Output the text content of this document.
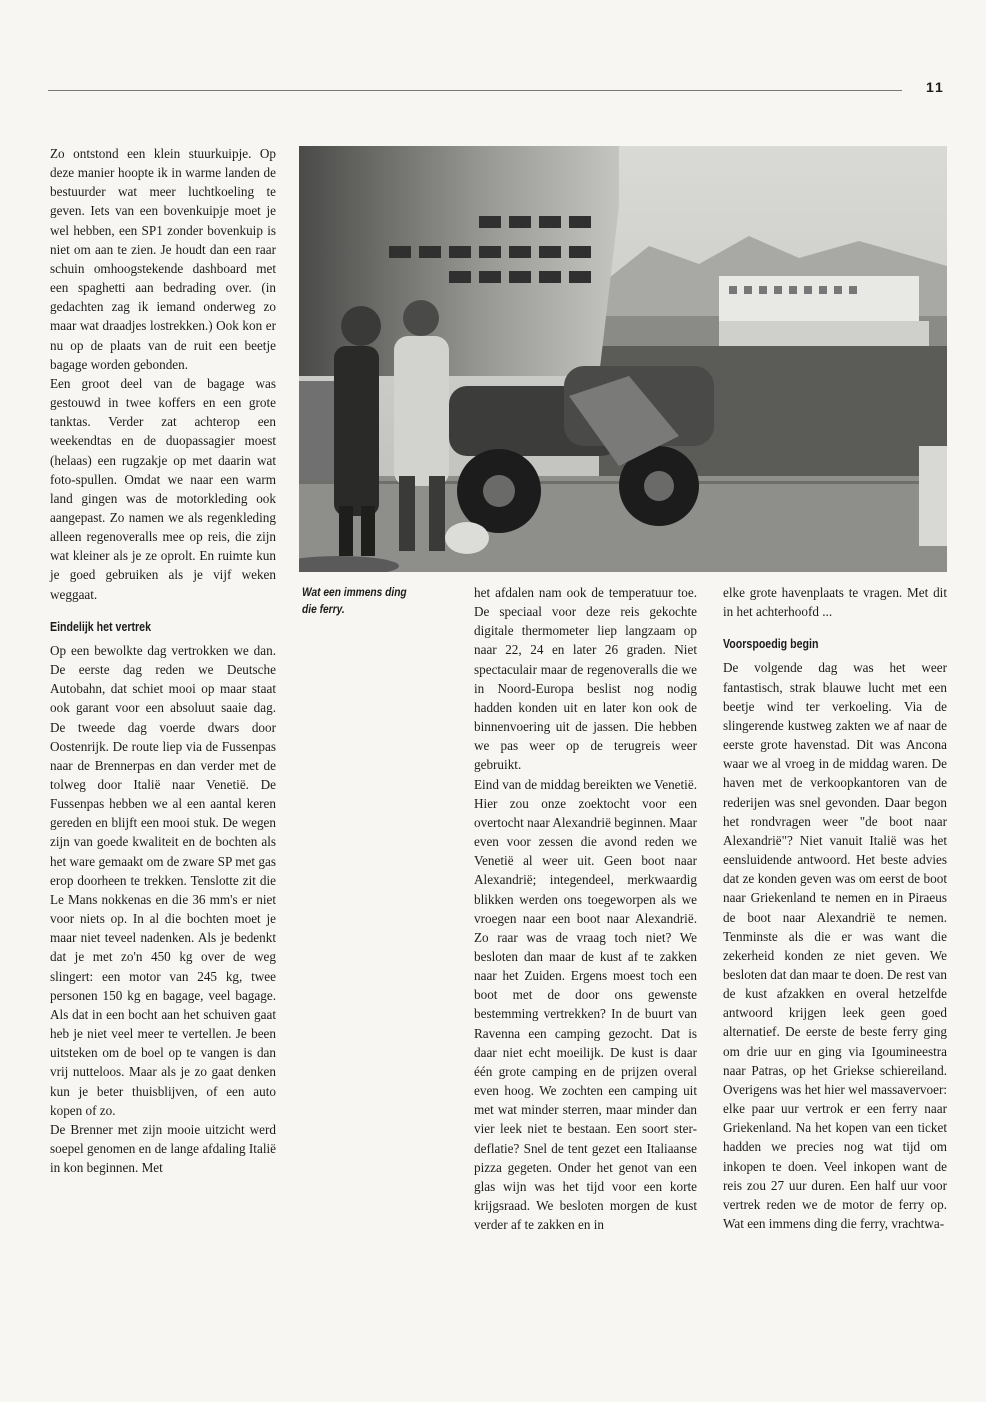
11

Zo ontstond een klein stuurkuipje. Op deze manier hoopte ik in warme landen de bestuurder wat meer luchtkoeling te geven. Iets van een bovenkuipje moet je wel hebben, een SP1 zonder bovenkuip is niet om aan te zien. Je houdt dan een raar schuin omhoogstekende dashboard met een spaghetti aan bedrading over. (in gedachten zag ik iemand onderweg zo maar wat draadjes lostrekken.) Ook kon er nu op de plaats van de ruit een beetje bagage worden gebonden.

Een groot deel van de bagage was gestouwd in twee koffers en een grote tanktas. Verder zat achterop een weekendtas en de duopassagier moest (helaas) een rugzakje op met daarin wat foto-spullen. Omdat we naar een warm land gingen was de motorkleding ook aangepast. Zo namen we als regenkleding alleen regenoveralls mee op reis, die zijn wat kleiner als je ze oprolt. En ruimte kun je goed gebruiken als je vijf weken weggaat.

Eindelijk het vertrek

Op een bewolkte dag vertrokken we dan. De eerste dag reden we Deutsche Autobahn, dat schiet mooi op maar staat ook garant voor een absoluut saaie dag. De tweede dag voerde dwars door Oostenrijk. De route liep via de Fussenpas naar de Brennerpas en dan verder met de tolweg door Italië naar Venetië. De Fussenpas hebben we al een aantal keren gereden en blijft een mooi stuk. De wegen zijn van goede kwaliteit en de bochten als het ware gemaakt om de zware SP met gas erop doorheen te trekken. Tenslotte zit die Le Mans nokkenas en die 36 mm's er niet voor niets op. In al die bochten moet je maar niet teveel nadenken. Als je bedenkt dat je met zo'n 450 kg over de weg slingert: een motor van 245 kg, twee personen 150 kg en bagage, veel bagage. Als dat in een bocht aan het schuiven gaat heb je niet veel meer te vertellen. Je been uitsteken om de boel op te vangen is dan vrij nutteloos. Maar als je zo gaat denken kun je beter thuisblijven, of een auto kopen of zo.

De Brenner met zijn mooie uitzicht werd soepel genomen en de lange afdaling Italië in kon beginnen. Met

Wat een immens ding die ferry.

het afdalen nam ook de temperatuur toe. De speciaal voor deze reis gekochte digitale thermometer liep langzaam op naar 22, 24 en later 26 graden. Niet spectaculair maar de regenoveralls die we in Noord-Europa beslist nog nodig hadden konden uit en later kon ook de binnenvoering uit de jassen. Die hebben we pas weer op de terugreis weer gebruikt.

Eind van de middag bereikten we Venetië. Hier zou onze zoektocht voor een overtocht naar Alexandrië beginnen. Maar even voor zessen die avond reden we Venetië al weer uit. Geen boot naar Alexandrië; integendeel, merkwaardig blikken werden ons toegeworpen als we vroegen naar een boot naar Alexandrië. Zo raar was de vraag toch niet? We besloten dan maar de kust af te zakken naar het Zuiden. Ergens moest toch een boot met de door ons gewenste bestemming vertrekken? In de buurt van Ravenna een camping gezocht. Dat is daar niet echt moeilijk. De kust is daar één grote camping en de prijzen overal even hoog. We zochten een camping uit met wat minder sterren, maar minder dan vier leek niet te bestaan. Een soort ster-deflatie? Snel de tent gezet een Italiaanse pizza gegeten. Onder het genot van een glas wijn was het tijd voor een korte krijgsraad. We besloten morgen de kust verder af te zakken en in

elke grote havenplaats te vragen. Met dit in het achterhoofd ...

Voorspoedig begin

De volgende dag was het weer fantastisch, strak blauwe lucht met een beetje wind ter verkoeling. Via de slingerende kustweg zakten we af naar de eerste grote havenstad. Dit was Ancona waar we al vroeg in de middag waren. De haven met de verkoopkantoren van de rederijen was snel gevonden. Daar begon het rondvragen weer "de boot naar Alexandrië"? Niet vanuit Italië was het eensluidende antwoord. Het beste advies dat ze konden geven was om eerst de boot naar Griekenland te nemen en in Piraeus de boot naar Alexandrië te nemen. Tenminste als die er was want die zekerheid konden ze niet geven. We besloten dat dan maar te doen. De rest van de kust afzakken en overal hetzelfde antwoord krijgen leek geen goed alternatief. De eerste de beste ferry ging om drie uur en ging via Igoumineestra naar Patras, op het Griekse schiereiland. Overigens was het hier wel massavervoer: elke paar uur vertrok er een ferry naar Griekenland. Na het kopen van een ticket hadden we precies nog wat tijd om inkopen te doen. Veel inkopen want de reis zou 27 uur duren. Een half uur voor vertrek reden we de motor de ferry op. Wat een immens ding die ferry, vrachtwa-
